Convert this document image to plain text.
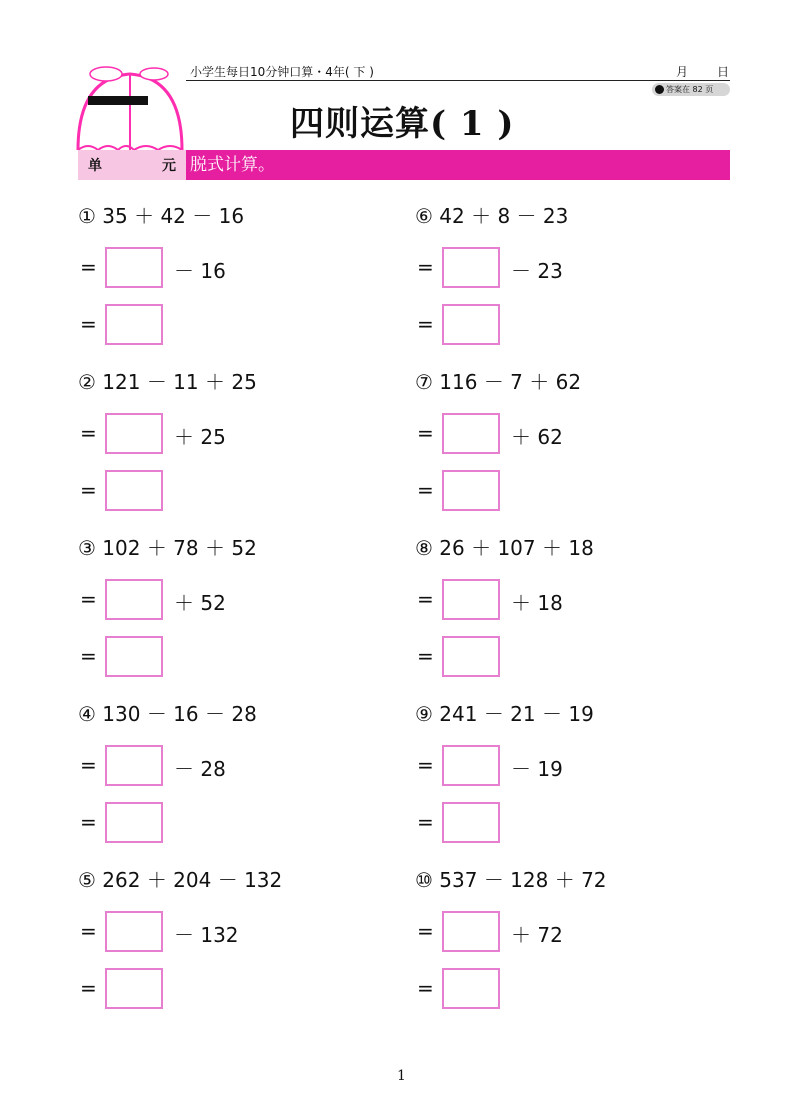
小学生每日10分钟口算・4年( 下 )	月 日
答案在 82 页
四则运算( 1 )
单	元 脱式计算。
① 35 ＋ 42 － 16
=	－ 16
=
② 121 － 11 ＋ 25
=	＋ 25
=
③ 102 ＋ 78 ＋ 52
=	＋ 52
=
④ 130 － 16 － 28
=	－ 28
=
⑤ 262 ＋ 204 － 132
=	－ 132
=
⑥ 42 ＋ 8 － 23
=	－ 23
=
⑦ 116 － 7 ＋ 62
=	＋ 62
=
⑧ 26 ＋ 107 ＋ 18
=	＋ 18
=
⑨ 241 － 21 － 19
=	－ 19
=
⑩ 537 － 128 ＋ 72
=	＋ 72
=
1
